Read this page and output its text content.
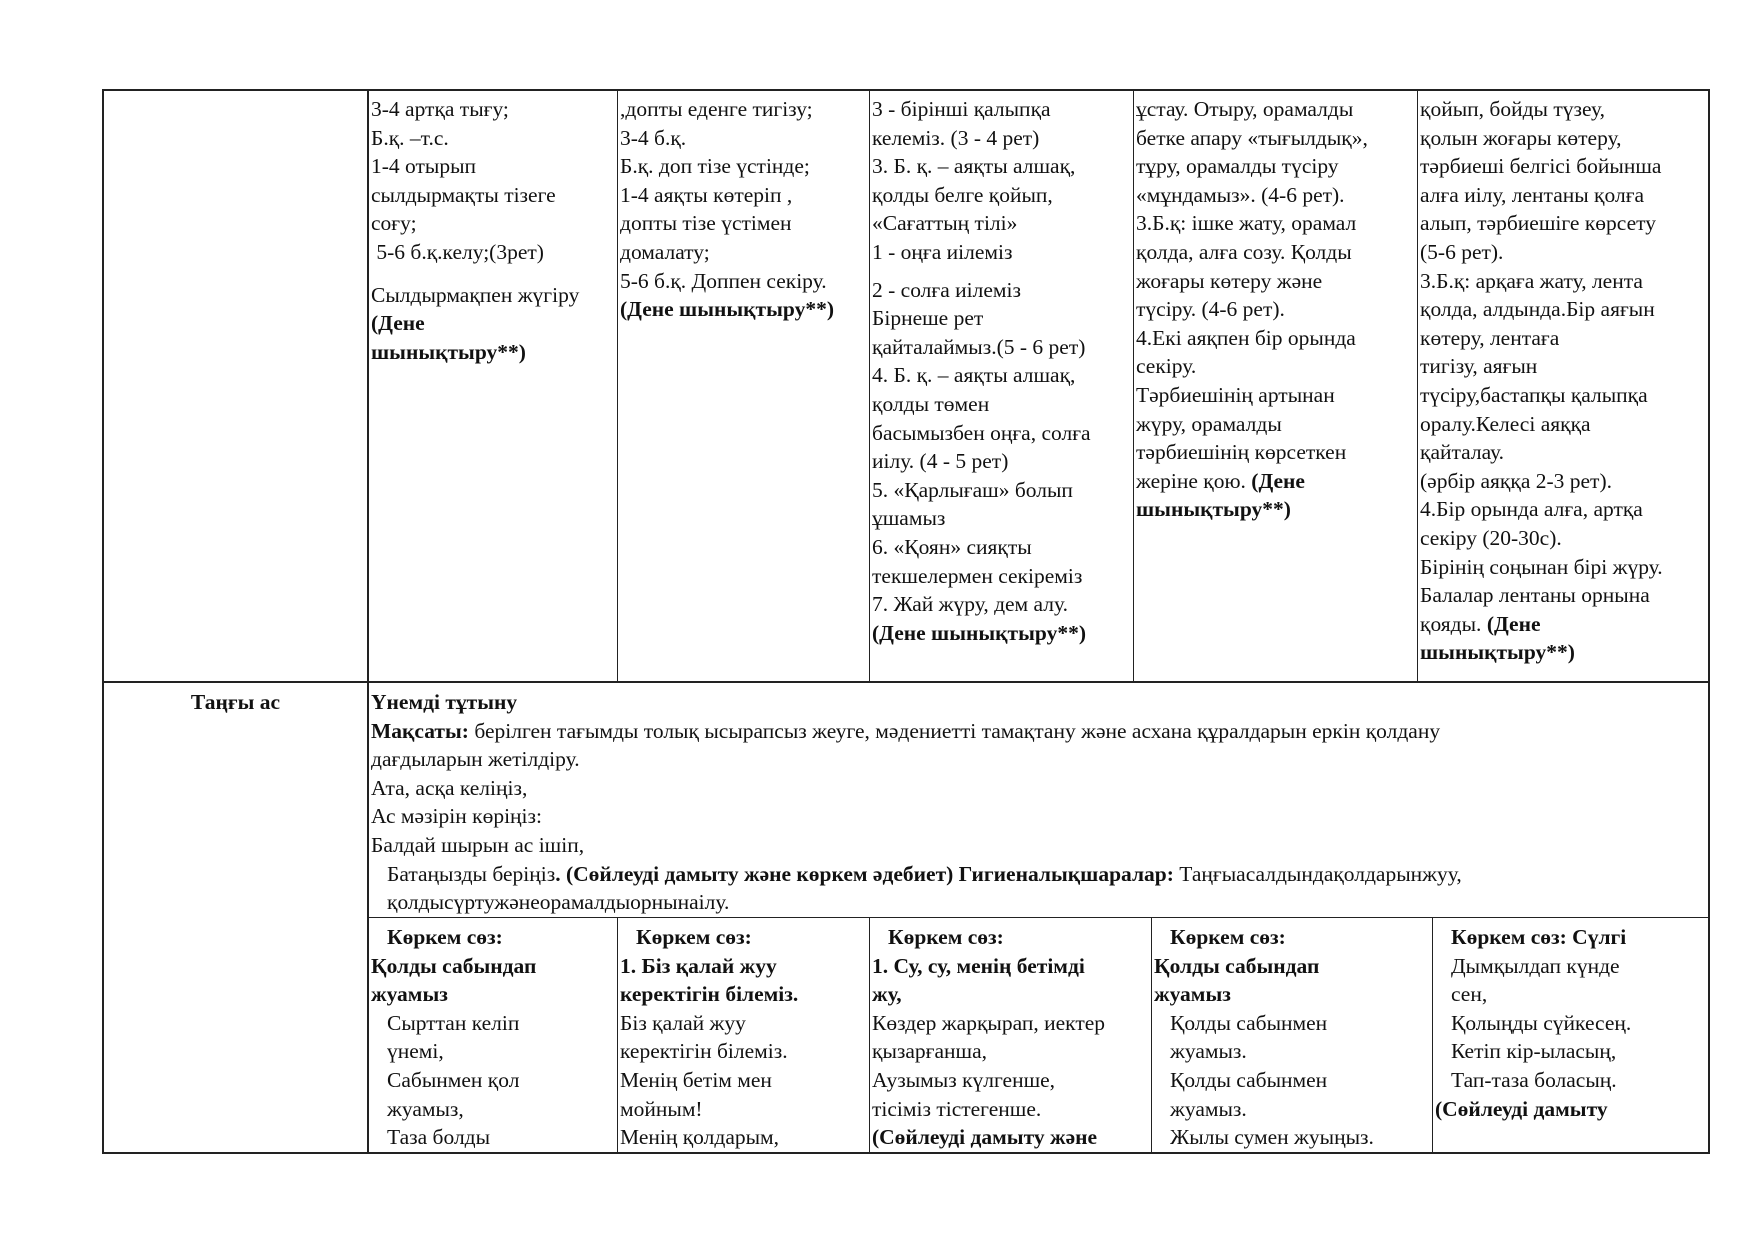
3-4 артқа тығу;
Б.қ. –т.с.
1-4 отырып
сылдырмақты тізеге
соғу;
5-6 б.қ.келу;(3рет)
Сылдырмақпен жүгіру
(Дене
шынықтыру**)
,допты еденге тигізу;
3-4 б.қ.
Б.қ. доп тізе үстінде;
1-4 аяқты көтеріп ,
допты тізе үстімен
домалату;
5-6 б.қ. Доппен секіру.
(Дене шынықтыру**)
3 - бірінші қалыпқа
келеміз. (3 - 4 рет)
3. Б. қ. – аяқты алшақ,
қолды белге қойып,
«Сағаттың тілі»
1 - оңға иілеміз
2 - солға иілеміз
Бірнеше рет
қайталаймыз.(5 - 6 рет)
4. Б. қ. – аяқты алшақ,
қолды төмен
басымызбен оңға, солға
иілу. (4 - 5 рет)
5. «Қарлығаш» болып
ұшамыз
6. «Қоян» сияқты
текшелермен секіреміз
7. Жай жүру, дем алу.
(Дене шынықтыру**)
ұстау. Отыру, орамалды
бетке апару «тығылдық»,
тұру, орамалды түсіру
«мұндамыз». (4-6 рет).
3.Б.қ: ішке жату, орамал
қолда, алға созу. Қолды
жоғары көтеру және
түсіру. (4-6 рет).
4.Екі аяқпен бір орында
секіру.
Тәрбиешінің артынан
жүру, орамалды
тәрбиешінің көрсеткен
жеріне қою. (Дене
шынықтыру**)
қойып, бойды түзеу,
қолын жоғары көтеру,
тәрбиеші белгісі бойынша
алға иілу, лентаны қолға
алып, тәрбиешіге көрсету
(5-6 рет).
3.Б.қ: арқаға жату, лента
қолда, алдында.Бір аяғын
көтеру, лентаға
тигізу, аяғын
түсіру,бастапқы қалыпқа
оралу.Келесі аяққа
қайталау.
(әрбір аяққа 2-3 рет).
4.Бір орында алға, артқа
секіру (20-30с).
Бірінің соңынан бірі жүру.
Балалар лентаны орнына
қояды. (Дене
шынықтыру**)
Таңғы ас	Үнемді тұтыну
Мақсаты: берілген тағымды толық ысырапсыз жеуге, мәдениетті тамақтану және асхана құралдарын еркін қолдану
дағдыларын жетілдіру.
Ата, асқа келіңіз,
Ас мәзірін көріңіз:
Балдай шырын ас ішіп,
Батаңызды беріңіз. (Сөйлеуді дамыту және көркем әдебиет) Гигиеналықшаралар: Таңғыасалдындақолдарынжуу,
қолдысүртужәнеорамалдыорнынаілу.
Көркем сөз:
Қолды сабындап
жуамыз
Сырттан келіп
үнемі,
Сабынмен қол
жуамыз,
Таза болды
Көркем сөз:
1. Біз қалай жуу
керектігін білеміз.
Біз қалай жуу
керектігін білеміз.
Менің бетім мен
мойным!
Менің қолдарым,
Көркем сөз:
1. Су, су, менің бетімді
жу,
Көздер жарқырап, иектер
қызарғанша,
Аузымыз күлгенше,
тісіміз тістегенше.
(Сөйлеуді дамыту және
Көркем сөз:
Қолды сабындап
жуамыз
Қолды сабынмен
жуамыз.
Қолды сабынмен
жуамыз.
Жылы сумен жуыңыз.
Көркем сөз: Сүлгі
Дымқылдап күнде
сен,
Қолыңды сүйкесең.
Кетіп кір-ыласың,
Тап-таза боласың.
(Сөйлеуді дамыту
